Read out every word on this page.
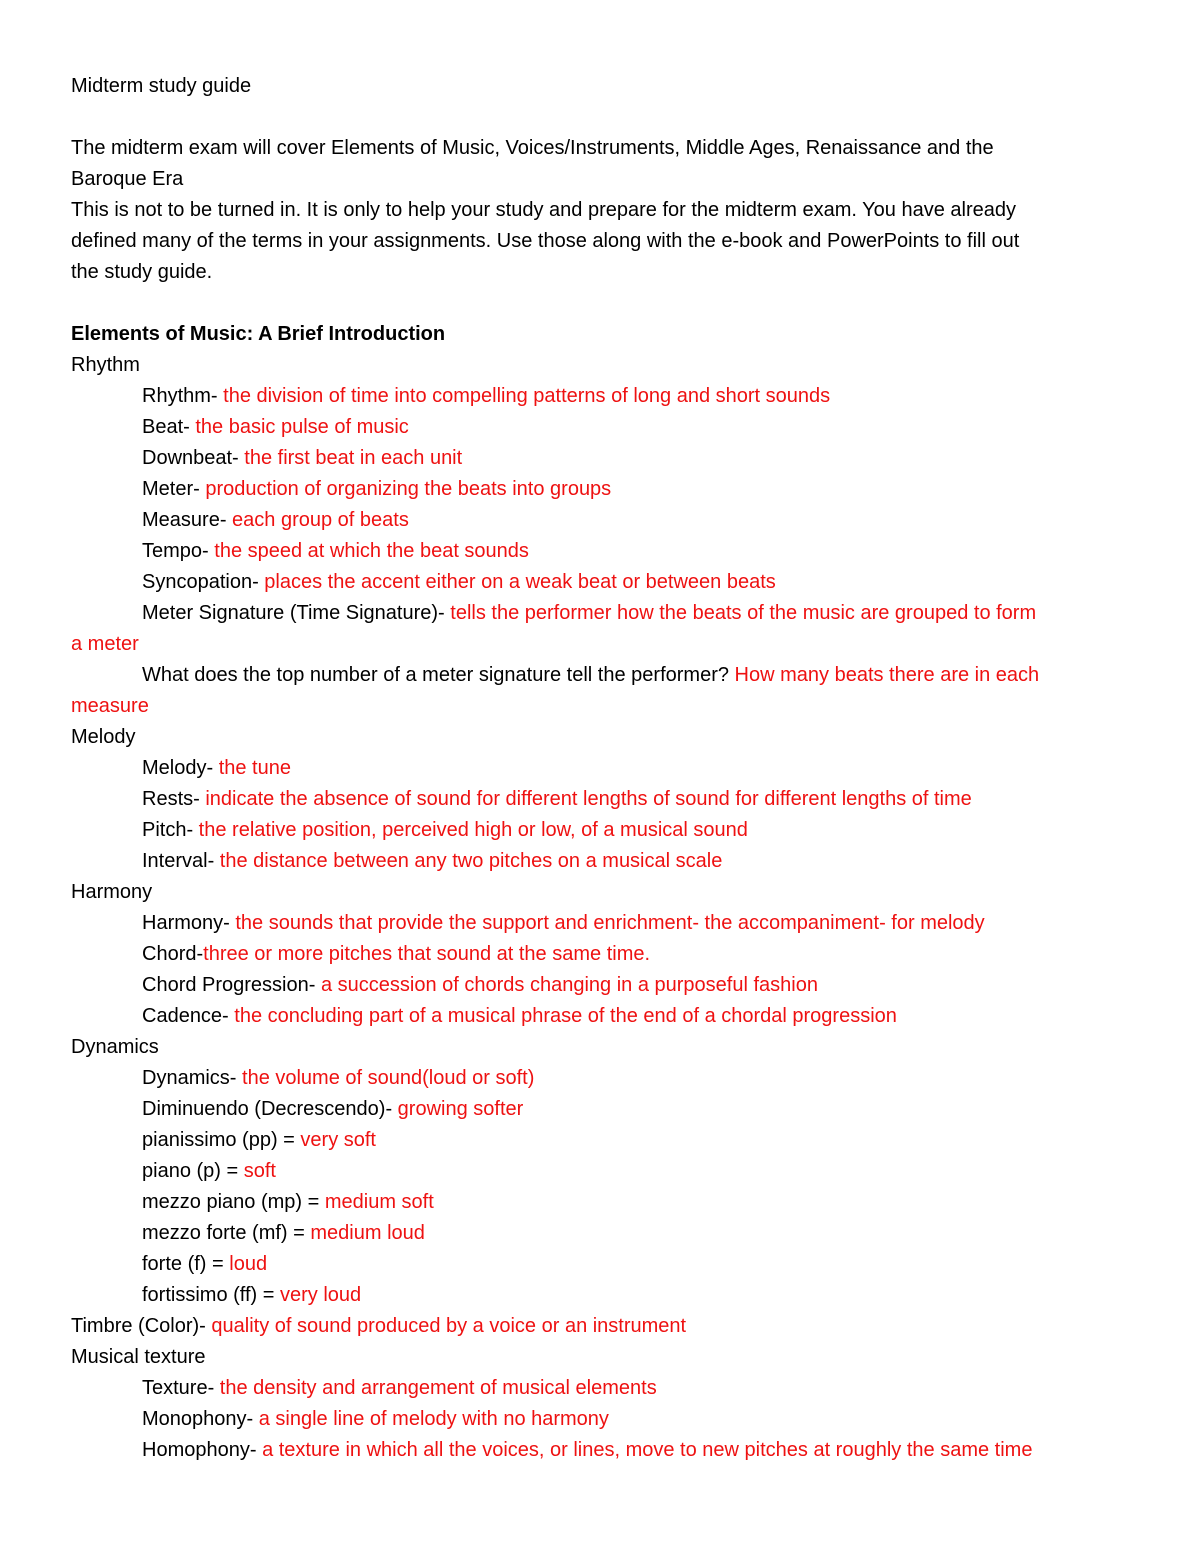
Midterm study guide
The midterm exam will cover Elements of Music, Voices/Instruments, Middle Ages, Renaissance and the
Baroque Era
This is not to be turned in. It is only to help your study and prepare for the midterm exam. You have already
defined many of the terms in your assignments. Use those along with the e-book and PowerPoints to fill out
the study guide.
Elements of Music: A Brief Introduction
Rhythm
Rhythm- the division of time into compelling patterns of long and short sounds
Beat- the basic pulse of music
Downbeat- the first beat in each unit
Meter- production of organizing the beats into groups
Measure- each group of beats
Tempo- the speed at which the beat sounds
Syncopation- places the accent either on a weak beat or between beats
Meter Signature (Time Signature)- tells the performer how the beats of the music are grouped to form
a meter
What does the top number of a meter signature tell the performer? How many beats there are in each
measure
Melody
Melody- the tune
Rests- indicate the absence of sound for different lengths of sound for different lengths of time
Pitch- the relative position, perceived high or low, of a musical sound
Interval- the distance between any two pitches on a musical scale
Harmony
Harmony- the sounds that provide the support and enrichment- the accompaniment- for melody
Chord-three or more pitches that sound at the same time.
Chord Progression- a succession of chords changing in a purposeful fashion
Cadence- the concluding part of a musical phrase of the end of a chordal progression
Dynamics
Dynamics- the volume of sound(loud or soft)
Diminuendo (Decrescendo)- growing softer
pianissimo (pp) = very soft
piano (p) = soft
mezzo piano (mp) = medium soft
mezzo forte (mf) = medium loud
forte (f) = loud
fortissimo (ff) = very loud
Timbre (Color)- quality of sound produced by a voice or an instrument
Musical texture
Texture- the density and arrangement of musical elements
Monophony- a single line of melody with no harmony
Homophony- a texture in which all the voices, or lines, move to new pitches at roughly the same time
